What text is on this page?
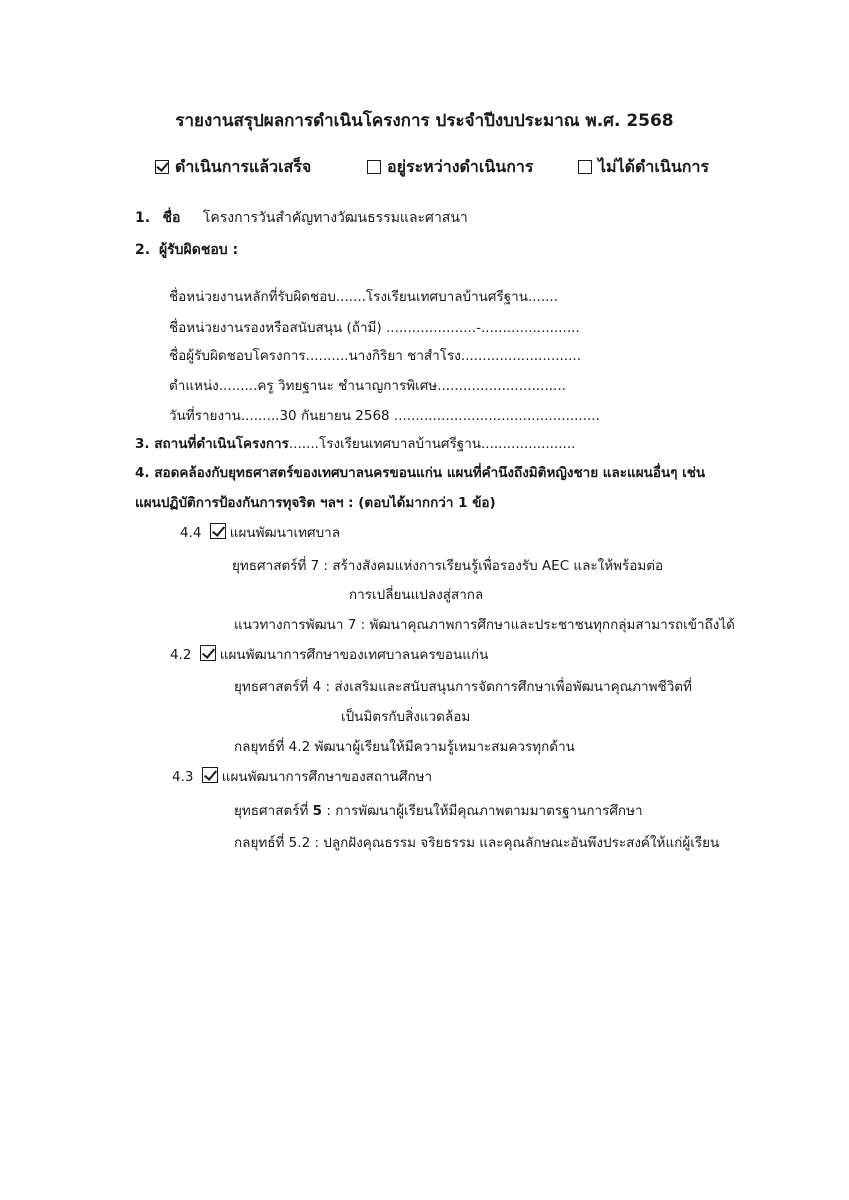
รายงานสรุปผลการดำเนินโครงการ ประจำปีงบประมาณ พ.ศ. 2568
ดำเนินการแล้วเสร็จ	อยู่ระหว่างดำเนินการ	ไม่ได้ดำเนินการ
1. ชื่อ โครงการวันสำคัญทางวัฒนธรรมและศาสนา
2. ผู้รับผิดชอบ :
ชื่อหน่วยงานหลักที่รับผิดชอบ.......โรงเรียนเทศบาลบ้านศรีฐาน.......
ชื่อหน่วยงานรองหรือสนับสนุน (ถ้ามี) .....................-.......................
ชื่อผู้รับผิดชอบโครงการ..........นางกิริยา ชาสำโรง............................
ตำแหน่ง.........ครู วิทยฐานะ ชำนาญการพิเศษ..............................
วันที่รายงาน.........30 กันยายน 2568 ................................................
3. สถานที่ดำเนินโครงการ.......โรงเรียนเทศบาลบ้านศรีฐาน......................
4. สอดคล้องกับยุทธศาสตร์ของเทศบาลนครขอนแก่น แผนที่คำนึงถึงมิติหญิงชาย และแผนอื่นๆ เช่น
แผนปฏิบัติการป้องกันการทุจริต ฯลฯ : (ตอบได้มากกว่า 1 ข้อ)
4.4 แผนพัฒนาเทศบาล
ยุทธศาสตร์ที่ 7 : สร้างสังคมแห่งการเรียนรู้เพื่อรองรับ AEC และให้พร้อมต่อ
การเปลี่ยนแปลงสู่สากล
แนวทางการพัฒนา 7 : พัฒนาคุณภาพการศึกษาและประชาชนทุกกลุ่มสามารถเข้าถึงได้
4.2 แผนพัฒนาการศึกษาของเทศบาลนครขอนแก่น
ยุทธศาสตร์ที่ 4 : ส่งเสริมและสนับสนุนการจัดการศึกษาเพื่อพัฒนาคุณภาพชีวิตที่
เป็นมิตรกับสิ่งแวดล้อม
กลยุทธ์ที่ 4.2 พัฒนาผู้เรียนให้มีความรู้เหมาะสมควรทุกด้าน
4.3 แผนพัฒนาการศึกษาของสถานศึกษา
ยุทธศาสตร์ที่ 5 : การพัฒนาผู้เรียนให้มีคุณภาพตามมาตรฐานการศึกษา
กลยุทธ์ที่ 5.2 : ปลูกฝังคุณธรรม จริยธรรม และคุณลักษณะอันพึงประสงค์ให้แก่ผู้เรียน
